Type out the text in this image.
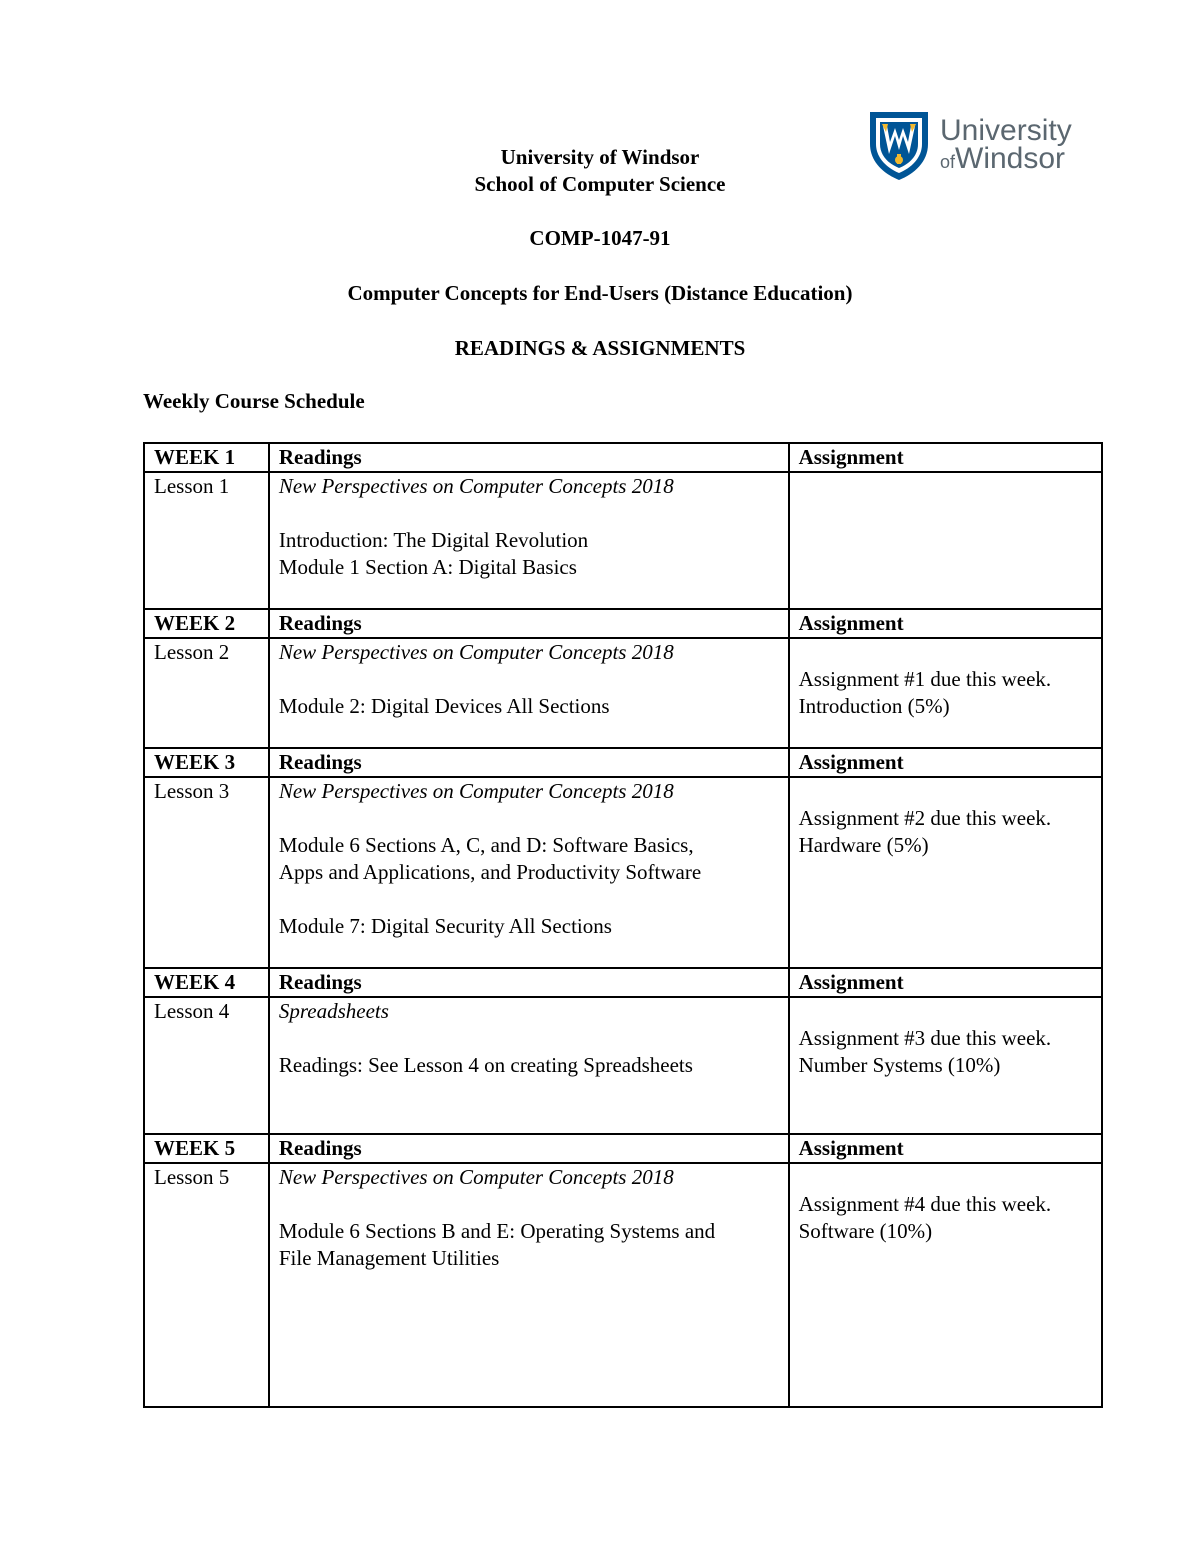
University
ofWindsor
University of Windsor
School of Computer Science
COMP-1047-91
Computer Concepts for End-Users (Distance Education)
READINGS & ASSIGNMENTS
Weekly Course Schedule
WEEK 1	Readings	Assignment
Lesson 1	New Perspectives on Computer Concepts 2018
Introduction: The Digital Revolution
Module 1 Section A: Digital Basics	

WEEK 2	Readings	Assignment
Lesson 2	New Perspectives on Computer Concepts 2018
Module 2: Digital Devices All Sections	Assignment #1 due this week.
Introduction (5%)

WEEK 3	Readings	Assignment
Lesson 3	New Perspectives on Computer Concepts 2018
Module 6 Sections A, C, and D: Software Basics,
Apps and Applications, and Productivity Software
Module 7: Digital Security All Sections	Assignment #2 due this week.
Hardware (5%)

WEEK 4	Readings	Assignment
Lesson 4	Spreadsheets
Readings: See Lesson 4 on creating Spreadsheets	Assignment #3 due this week.
Number Systems (10%)

WEEK 5	Readings	Assignment
Lesson 5	New Perspectives on Computer Concepts 2018
Module 6 Sections B and E: Operating Systems and
File Management Utilities	Assignment #4 due this week.
Software (10%)
